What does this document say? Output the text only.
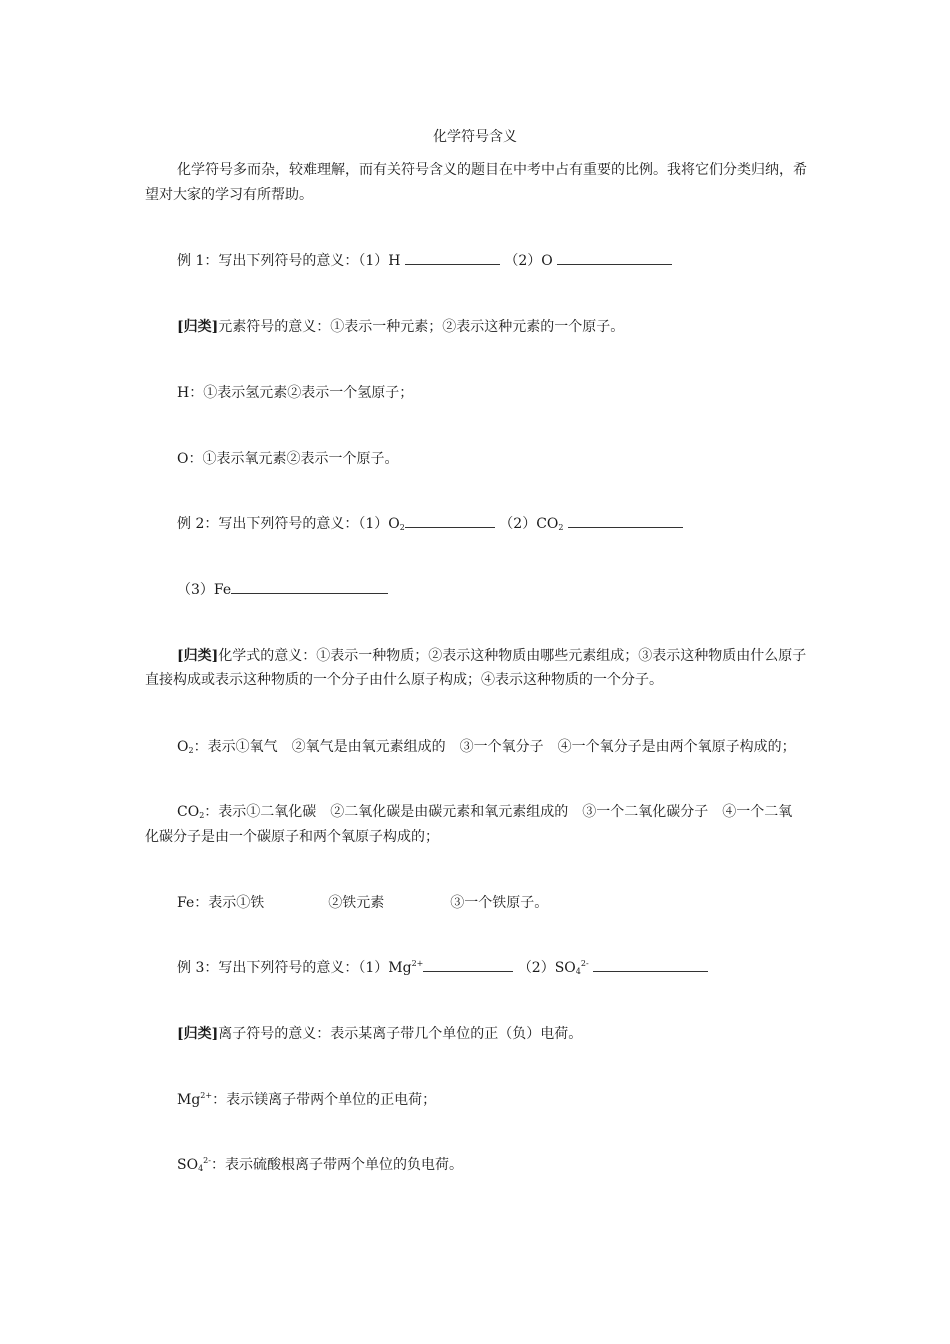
化学符号含义
化学符号多而杂，较难理解，而有关符号含义的题目在中考中占有重要的比例。我将它们分类归纳，希
望对大家的学习有所帮助。
例 1：写出下列符号的意义：（1）H	（2）O
[归类]元素符号的意义：①表示一种元素；②表示这种元素的一个原子。
H：①表示氢元素②表示一个氢原子；
O：①表示氧元素②表示一个原子。
例 2：写出下列符号的意义：$(1)O_2$	$(2)CO_2$
（3）Fe
[归类]化学式的意义：①表示一种物质；②表示这种物质由哪些元素组成；③表示这种物质由什么原子
直接构成或表示这种物质的一个分子由什么原子构成；④表示这种物质的一个分子。
$O_2$：表示①氧气　②氧气是由氧元素组成的　③一个氧分子　④一个氧分子是由两个氧原子构成的；
$CO_2$：表示①二氧化碳　②二氧化碳是由碳元素和氧元素组成的　③一个二氧化碳分子　④一个二氧
化碳分子是由一个碳原子和两个氧原子构成的；
Fe：表示①铁	②铁元素	③一个铁原子。
例 3：写出下列符号的意义：$(1)Mg^{2+}$	$(2)SO_4^{2-}$
[归类]离子符号的意义：表示某离子带几个单位的正（负）电荷。
$Mg^{2+}$：表示镁离子带两个单位的正电荷；
$SO_4^{2-}$：表示硫酸根离子带两个单位的负电荷。
